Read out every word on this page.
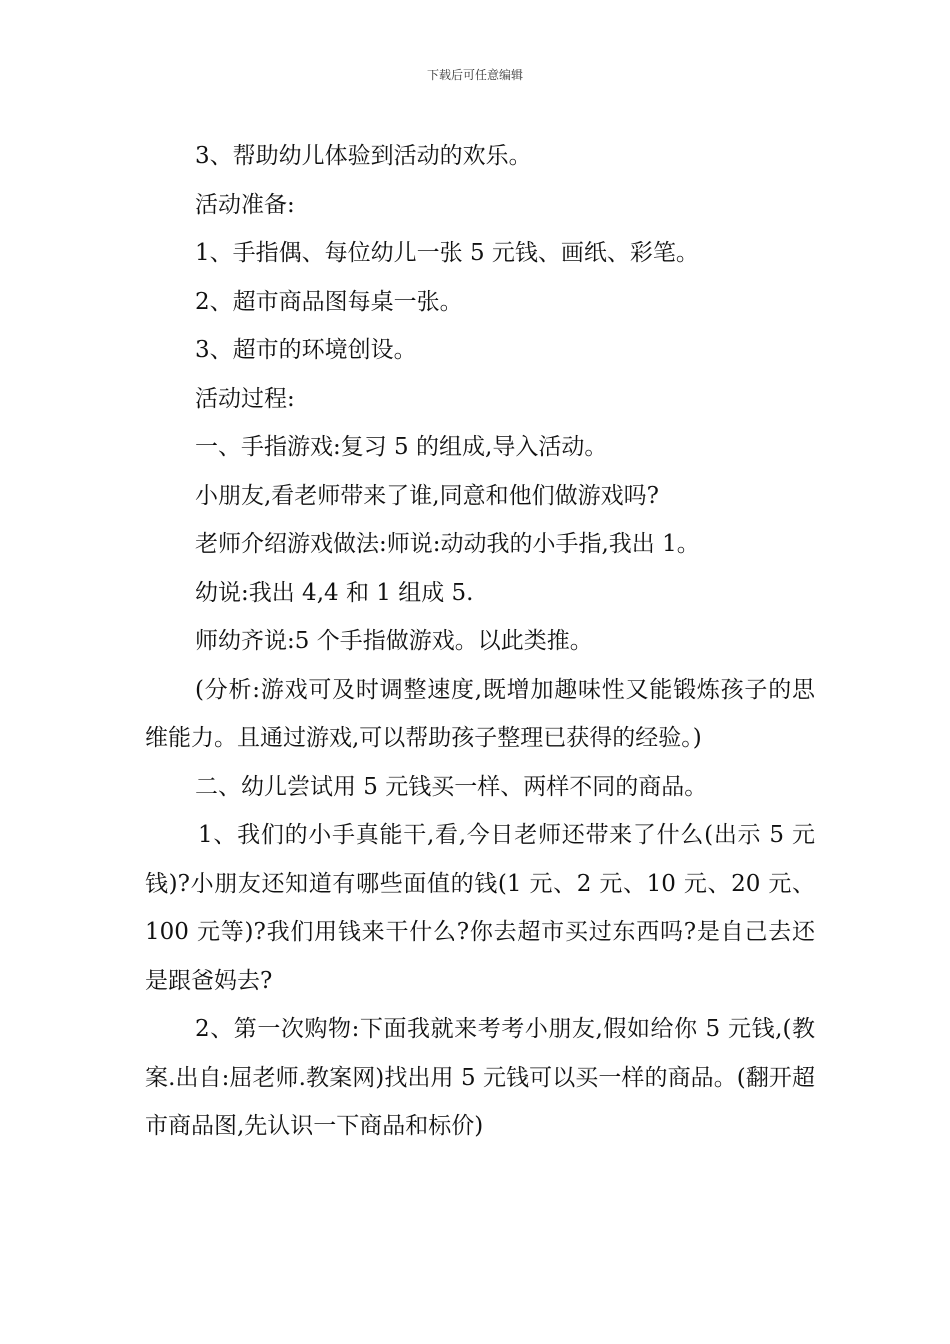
下载后可任意编辑

3、帮助幼儿体验到活动的欢乐。

活动准备:

1、手指偶、每位幼儿一张 5 元钱、画纸、彩笔。

2、超市商品图每桌一张。

3、超市的环境创设。

活动过程:

一、手指游戏:复习 5 的组成,导入活动。

小朋友,看老师带来了谁,同意和他们做游戏吗?

老师介绍游戏做法:师说:动动我的小手指,我出 1。

幼说:我出 4,4 和 1 组成 5.

师幼齐说:5 个手指做游戏。以此类推。

(分析:游戏可及时调整速度,既增加趣味性又能锻炼孩子的思维能力。且通过游戏,可以帮助孩子整理已获得的经验。)

二、幼儿尝试用 5 元钱买一样、两样不同的商品。

1、我们的小手真能干,看,今日老师还带来了什么(出示 5 元钱)?小朋友还知道有哪些面值的钱(1 元、2 元、10 元、20 元、100 元等)?我们用钱来干什么?你去超市买过东西吗?是自己去还是跟爸妈去?

2、第一次购物:下面我就来考考小朋友,假如给你 5 元钱,(教案.出自:屈老师.教案网)找出用 5 元钱可以买一样的商品。(翻开超市商品图,先认识一下商品和标价)
